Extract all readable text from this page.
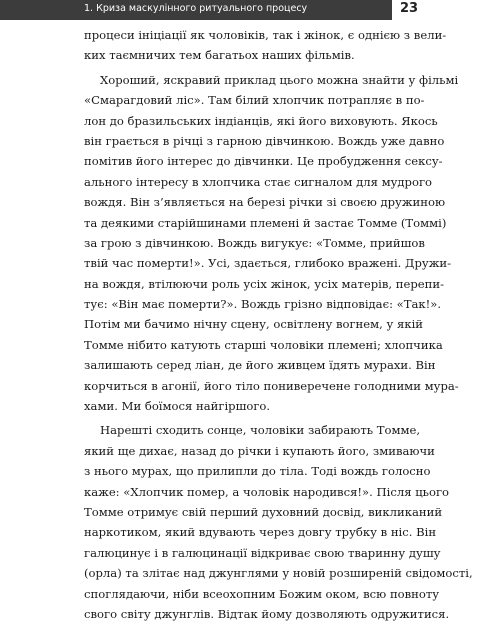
1. Криза маскулінного ритуального процесу	23
процеси ініціації як чоловіків, так і жінок, є однією з вели-
ких таємничих тем багатьох наших фільмів.
Хороший, яскравий приклад цього можна знайти у фільмі
«Смарагдовий ліс». Там білий хлопчик потрапляє в по-
лон до бразильських індіанців, які його виховують. Якось
він грається в річці з гарною дівчинкою. Вождь уже давно
помітив його інтерес до дівчинки. Це пробудження сексу-
ального інтересу в хлопчика стає сигналом для мудрого
вождя. Він з’являється на березі річки зі своєю дружиною
та деякими старійшинами племені й застає Томме (Томмі)
за грою з дівчинкою. Вождь вигукує: «Томме, прийшов
твій час померти!». Усі, здається, глибоко вражені. Дружи-
на вождя, втілюючи роль усіх жінок, усіх матерів, перепи-
тує: «Він має померти?». Вождь грізно відповідає: «Так!».
Потім ми бачимо нічну сцену, освітлену вогнем, у якій
Томме нібито катують старші чоловіки племені; хлопчика
залишають серед ліан, де його живцем їдять мурахи. Він
корчиться в агонії, його тіло пониверечене голодними мура-
хами. Ми боїмося найгіршого.
Нарешті сходить сонце, чоловіки забирають Томме,
який ще дихає, назад до річки і купають його, змиваючи
з нього мурах, що прилипли до тіла. Тоді вождь голосно
каже: «Хлопчик помер, а чоловік народився!». Після цього
Томме отримує свій перший духовний досвід, викликаний
наркотиком, який вдувають через довгу трубку в ніс. Він
галюцинує і в галюцинації відкриває свою тваринну душу
(орла) та злітає над джунглями у новій розширеній свідомості,
споглядаючи, ніби всеохопним Божим оком, всю повноту
свого світу джунглів. Відтак йому дозволяють одружитися.
